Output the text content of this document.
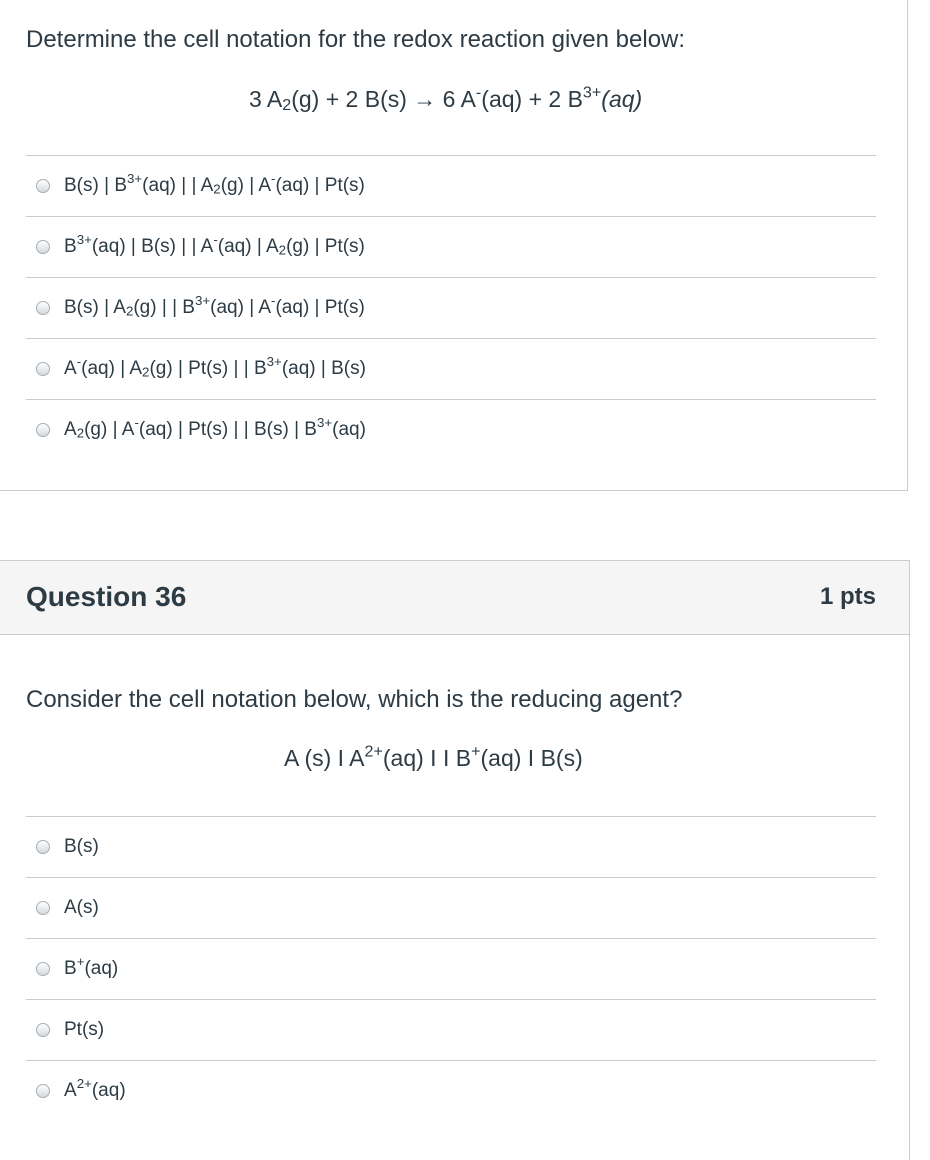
Determine the cell notation for the redox reaction given below:
3 $A_2(g) + 2$ B(s) → 6 A-(aq) + 2 $B^{3+}(aq)$
B(s) | $B^{3+}(aq)$ | | $A_2(g)$ | A-(aq) | Pt(s)
$B^{3+}(aq)$ | B(s) | | A-(aq) | $A_2(g)$ | Pt(s)
B(s) | $A_2(g)$ | | $B^{3+}(aq)$ | A-(aq) | Pt(s)
A-(aq) | $A_2(g)$ | Pt(s) | | $B^{3+}(aq)$ | B(s)
$A_2(g)$ | A-(aq) | Pt(s) | | B(s) | $B^{3+}(aq)$
Question 36	1 pts
Consider the cell notation below, which is the reducing agent?
A (s) I $A^{2+}(aq)$ I I B+(aq) I B(s)
B(s)
A(s)
B+(aq)
Pt(s)
$A^{2+}(aq)$
